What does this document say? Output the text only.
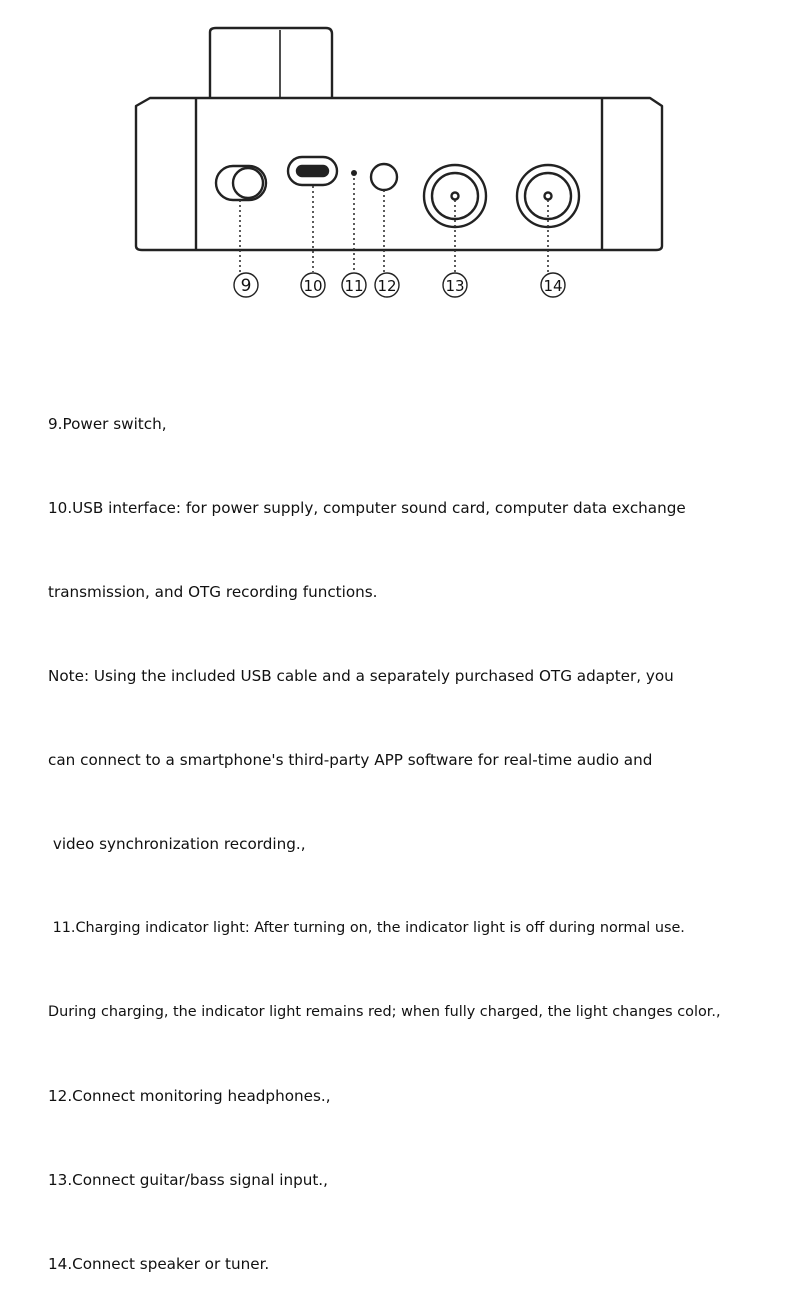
9	10 11 12	13	14

9.Power switch,

10.USB interface: for power supply, computer sound card, computer data exchange

transmission, and OTG recording functions.

Note: Using the included USB cable and a separately purchased OTG adapter, you

can connect to a smartphone's third-party APP software for real-time audio and

video synchronization recording.,

11.Charging indicator light: After turning on, the indicator light is off during normal use.

During charging, the indicator light remains red; when fully charged, the light changes color.,

12.Connect monitoring headphones.,

13.Connect guitar/bass signal input.,

14.Connect speaker or tuner.
